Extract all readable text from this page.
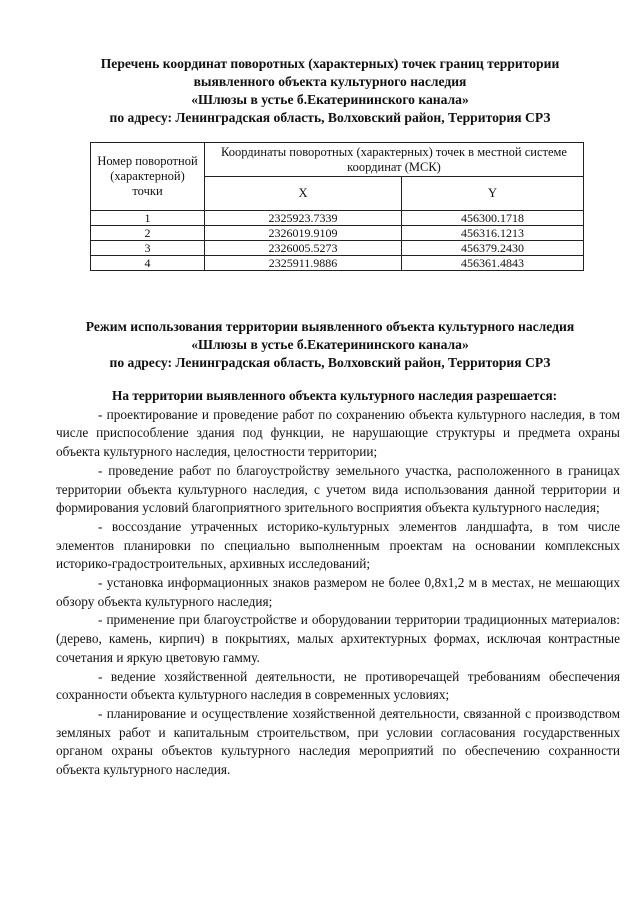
Перечень координат поворотных (характерных) точек границ территории
выявленного объекта культурного наследия
«Шлюзы в устье б.Екатерининского канала»
по адресу: Ленинградская область, Волховский район, Территория СРЗ
Номер поворотной (характерной) точки	Координаты поворотных (характерных) точек в местной системе координат (МСК)	
	X	Y
1	2325923.7339	456300.1718
2	2326019.9109	456316.1213
3	2326005.5273	456379.2430
4	2325911.9886	456361.4843
Режим использования территории выявленного объекта культурного наследия
«Шлюзы в устье б.Екатерининского канала»
по адресу: Ленинградская область, Волховский район, Территория СРЗ

На территории выявленного объекта культурного наследия разрешается:

- проектирование и проведение работ по сохранению объекта культурного наследия, в том числе приспособление здания под функции, не нарушающие структуры и предмета охраны объекта культурного наследия, целостности территории;

- проведение работ по благоустройству земельного участка, расположенного в границах территории объекта культурного наследия, с учетом вида использования данной территории и формирования условий благоприятного зрительного восприятия объекта культурного наследия;

- воссоздание утраченных историко-культурных элементов ландшафта, в том числе элементов планировки по специально выполненным проектам на основании комплексных историко-градостроительных, архивных исследований;

- установка информационных знаков размером не более 0,8х1,2 м в местах, не мешающих обзору объекта культурного наследия;

- применение при благоустройстве и оборудовании территории традиционных материалов: (дерево, камень, кирпич) в покрытиях, малых архитектурных формах, исключая контрастные сочетания и яркую цветовую гамму.

- ведение хозяйственной деятельности, не противоречащей требованиям обеспечения сохранности объекта культурного наследия в современных условиях;

- планирование и осуществление хозяйственной деятельности, связанной с производством земляных работ и капитальным строительством, при условии согласования государственных органом охраны объектов культурного наследия мероприятий по обеспечению сохранности объекта культурного наследия.
